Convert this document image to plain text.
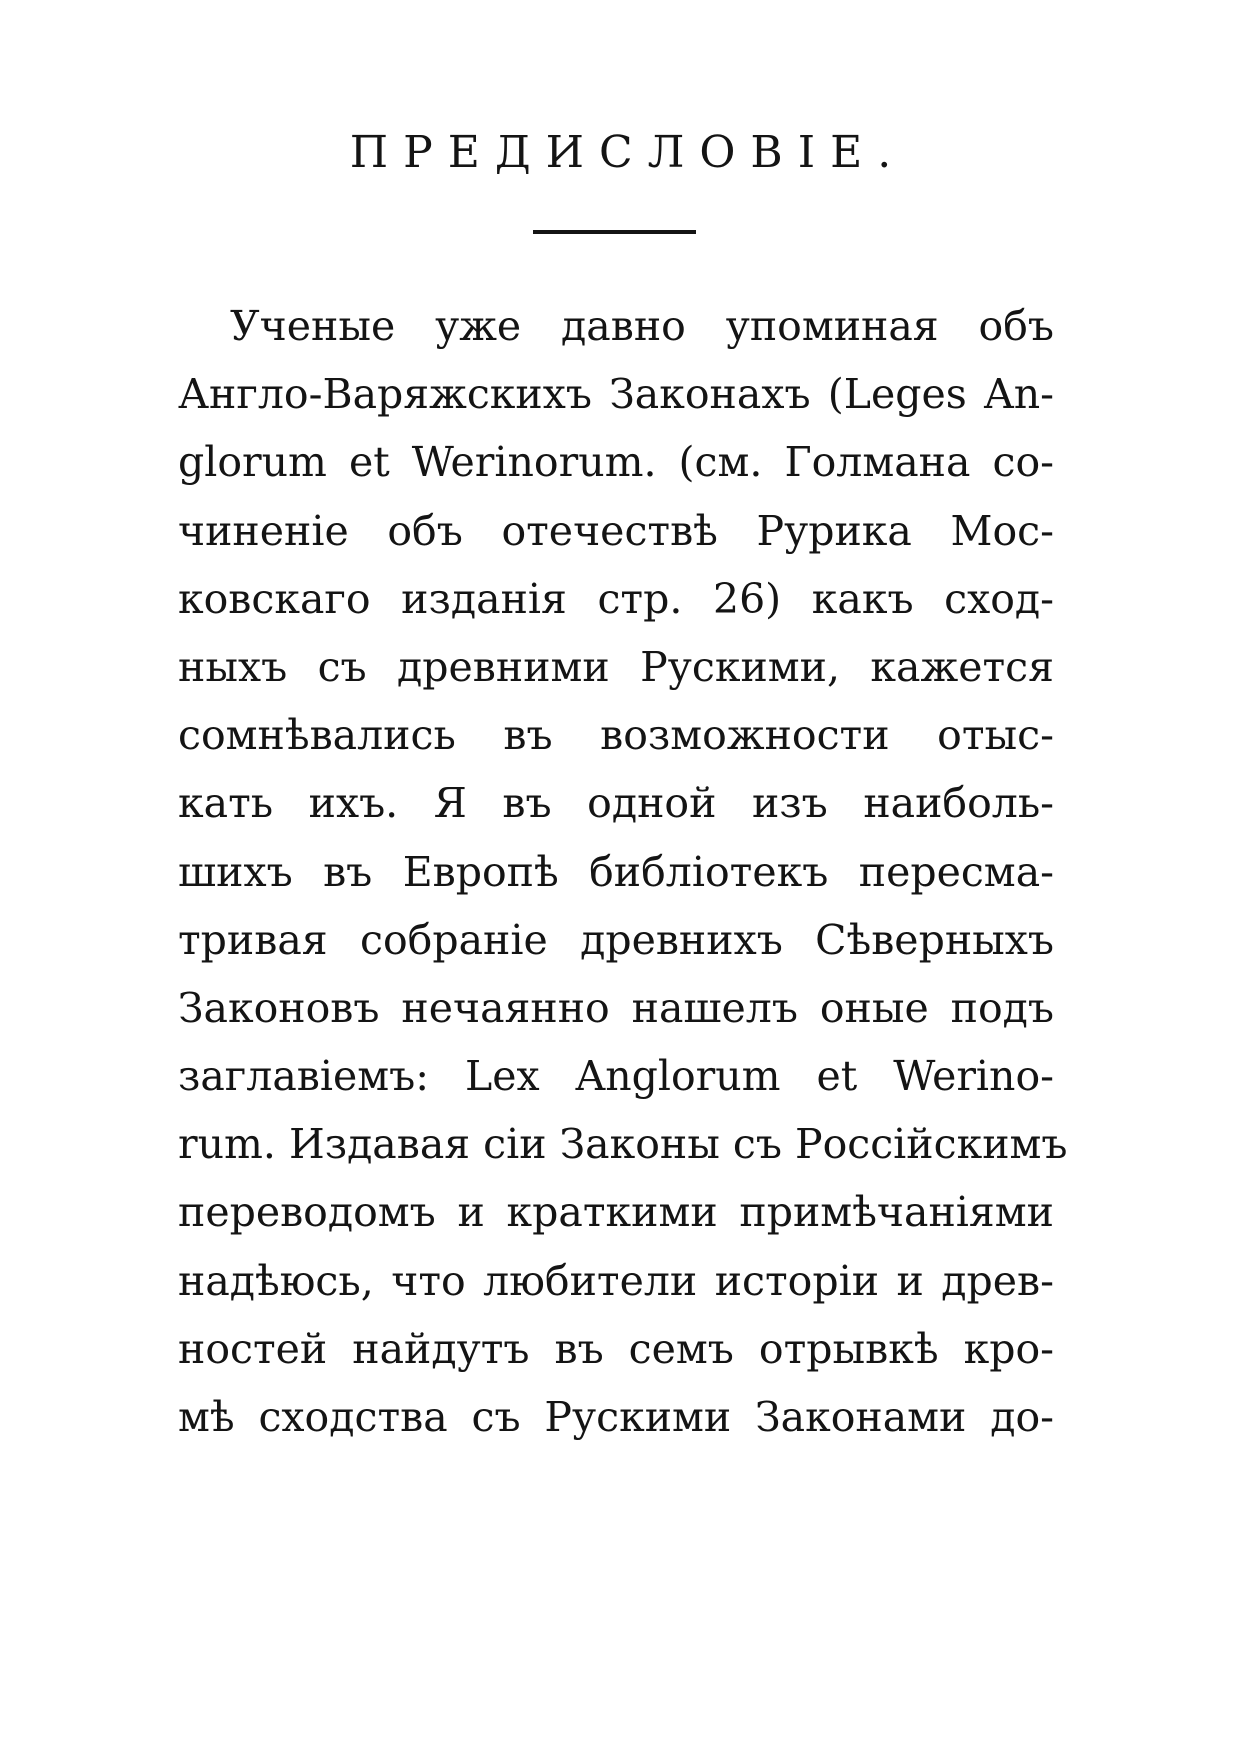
ПРЕДИСЛОВІЕ.
Ученые уже давно упоминая объ
Англо-Варяжскихъ Законахъ (Leges An-
glorum et Werinorum. (см. Голмана со-
чиненіе объ отечествѣ Рурика Мос-
ковскаго изданія стр. 26) какъ сход-
ныхъ съ древними Рускими, кажется
сомнѣвались въ возможности отыс-
кать ихъ. Я въ одной изъ наиболь-
шихъ въ Европѣ библіотекъ пересма-
тривая собраніе древнихъ Сѣверныхъ
Законовъ нечаянно нашелъ оные подъ
заглавіемъ: Lex Anglorum et Werino-
rum. Издавая сіи Законы съ Россійскимъ
переводомъ и краткими примѣчаніями
надѣюсь, что любители исторіи и древ-
ностей найдутъ въ семъ отрывкѣ кро-
мѣ сходства съ Рускими Законами до-
